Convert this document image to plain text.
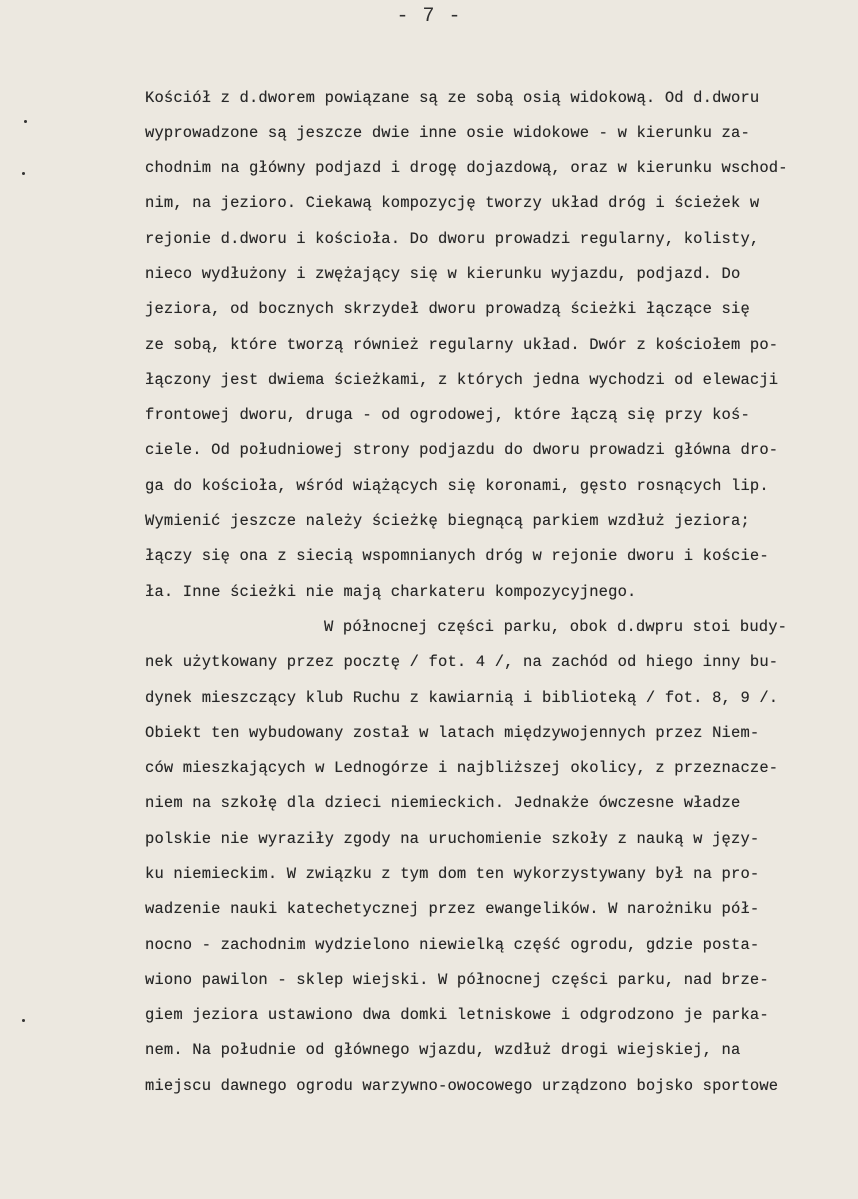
- 7 -
Kościół z d.dworem powiązane są ze sobą osią widokową. Od d.dworu
wyprowadzone są jeszcze dwie inne osie widokowe - w kierunku za-
chodnim na główny podjazd i drogę dojazdową, oraz w kierunku wschod-
nim, na jezioro. Ciekawą kompozycję tworzy układ dróg i ścieżek w
rejonie d.dworu i kościoła. Do dworu prowadzi regularny, kolisty,
nieco wydłużony i zwężający się w kierunku wyjazdu, podjazd. Do
jeziora, od bocznych skrzydeł dworu prowadzą ścieżki łączące się
ze sobą, które tworzą również regularny układ. Dwór z kościołem po-
łączony jest dwiema ścieżkami, z których jedna wychodzi od elewacji
frontowej dworu, druga - od ogrodowej, które łączą się przy koś-
ciele. Od południowej strony podjazdu do dworu prowadzi główna dro-
ga do kościoła, wśród wiążących się koronami, gęsto rosnących lip.
Wymienić jeszcze należy ścieżkę biegnącą parkiem wzdłuż jeziora;
łączy się ona z siecią wspomnianych dróg w rejonie dworu i koście-
ła. Inne ścieżki nie mają charkateru kompozycyjnego.
W północnej części parku, obok d.dwpru stoi budy-
nek użytkowany przez pocztę / fot. 4 /, na zachód od hiego inny bu-
dynek mieszczący klub Ruchu z kawiarnią i biblioteką / fot. 8, 9 /.
Obiekt ten wybudowany został w latach międzywojennych przez Niem-
ców mieszkających w Lednogórze i najbliższej okolicy, z przeznacze-
niem na szkołę dla dzieci niemieckich. Jednakże ówczesne władze
polskie nie wyraziły zgody na uruchomienie szkoły z nauką w języ-
ku niemieckim. W związku z tym dom ten wykorzystywany był na pro-
wadzenie nauki katechetycznej przez ewangelików. W narożniku pół-
nocno - zachodnim wydzielono niewielką część ogrodu, gdzie posta-
wiono pawilon - sklep wiejski. W północnej części parku, nad brze-
giem jeziora ustawiono dwa domki letniskowe i odgrodzono je parka-
nem. Na południe od głównego wjazdu, wzdłuż drogi wiejskiej, na
miejscu dawnego ogrodu warzywno-owocowego urządzono bojsko sportowe
